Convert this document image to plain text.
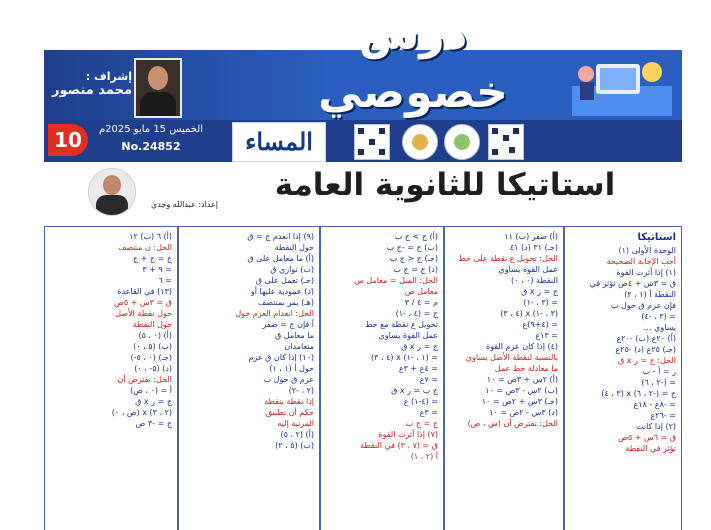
درس خصوصي
إشراف :
محمد منصور
10	الخميس 15 مايو 2025م
No.24852	المساء
استاتيكا للثانوية العامة
إعداد: عبدالله وجدي
استاتيكا
الوحدة الأولى (١)
أجب الإجابة الصحيحة
(١) إذا أثرت القوة
ق = ٣س + ٤ص تؤثر في
النقطة أ (١ ، ٢)
فإن عزم ق حول ب
= (٣ ، -٤)
يساوي ...
(أ) ٢٠ع (ب) -٢٠ع
(جـ) ٢٥ع (د) -٢٥ع
الحل: ج = ر x ق
ر = أ - ب
= (-٢ ، ٦)
ج = (-٢ ، ٦) x (٣ ، ٤)
= -٨ع - ١٨ع
= -٢٦ع
(٢) إذا كانت
ق = ٦س + ٥ص
تؤثر في النقطة
(أ) صفر (ب) ١١
(جـ) ٣١ (د) ٤١
الحل: تحويل ع نقطة على خط
عمل القوة يساوي
النقطة (٠ ، ٠)
ج = ر x ق
= (٣ ، -١)
(٣ ، -١) x (٤ ، ٣)
= (٤+٩)ع
= ١٣ع
(٤) إذا كان عزم القوة
بالنسبة لنقطة الأصل يساوي
ما معادلة خط عمل
(أ) ٢س + ٣ص = ١٠
(ب) ٢س - ٣ص = ١٠
(جـ) ٣س + ٢ص = ١٠
(د) ٣س - ٢ص = ١٠
الحل: نفترض أن (س ، ص)
(أ) ج > ج ب
(ب) ج = -ج ب
(جـ) ج < ج ب
(د) ج = ج ب
الحل: الميل = معامل س
معامل ص
م = ٤ / ٣
ج = (٤ ، -١)
تحويل ع نقطة مع خط
عمل القوة يساوي
ج = ر x ق
= (١ ، -١) x (٤ ، ٣)
= ٤ع + ٣ع
= ٧ع
ج ب = ر x ق
= (٤-١) ع
= ٣ع
ج = ج ب
(٧) إذا أثرت القوة
ق = (٧ ، ٣) في النقطة
أ (٢ ، ١)
(٩) إذا انعدم ج = ق
حول النقطة
(أ) ما معامل على ق
(ب) توازي ق
(جـ) تعمل على ق
(د) عمودية عليها أو
(هـ) يمر بمنتصف
الحل: انعدام العزم حول
أ فإن ج = صفر
ما معامل ق
متعامدان
(١٠) إذا كان ق عزم
حول أ (١ ، ١)
عزم ق حول ب
(٢ ، -٢)
إذا نقطة بنقطة
حكم أن تطبيق
المرتبة إليه
(أ) (٢ ، ٥)
(ب) (٥ ، ٢)
(أ) ٦ (ب) ١٢
الحل: ن منتصف
ج = ج + ج
= ٩ + ٣
= ٦
(١٣) في القاعدة
ق = ٣س + ٥ص
حول نقطة الأصل
حول النقطة
(أ) (٠ ، ٥)
(ب) (٥ ، ٠)
(جـ) (٠ ، ٥-)
(د) (٥- ، ٠)
الحل: نفترض أن
أ = (٠ ، ص)
ج = ر x ق
(٢ ، ٣) x (ص ، ٠)
ج = -٣ ص
